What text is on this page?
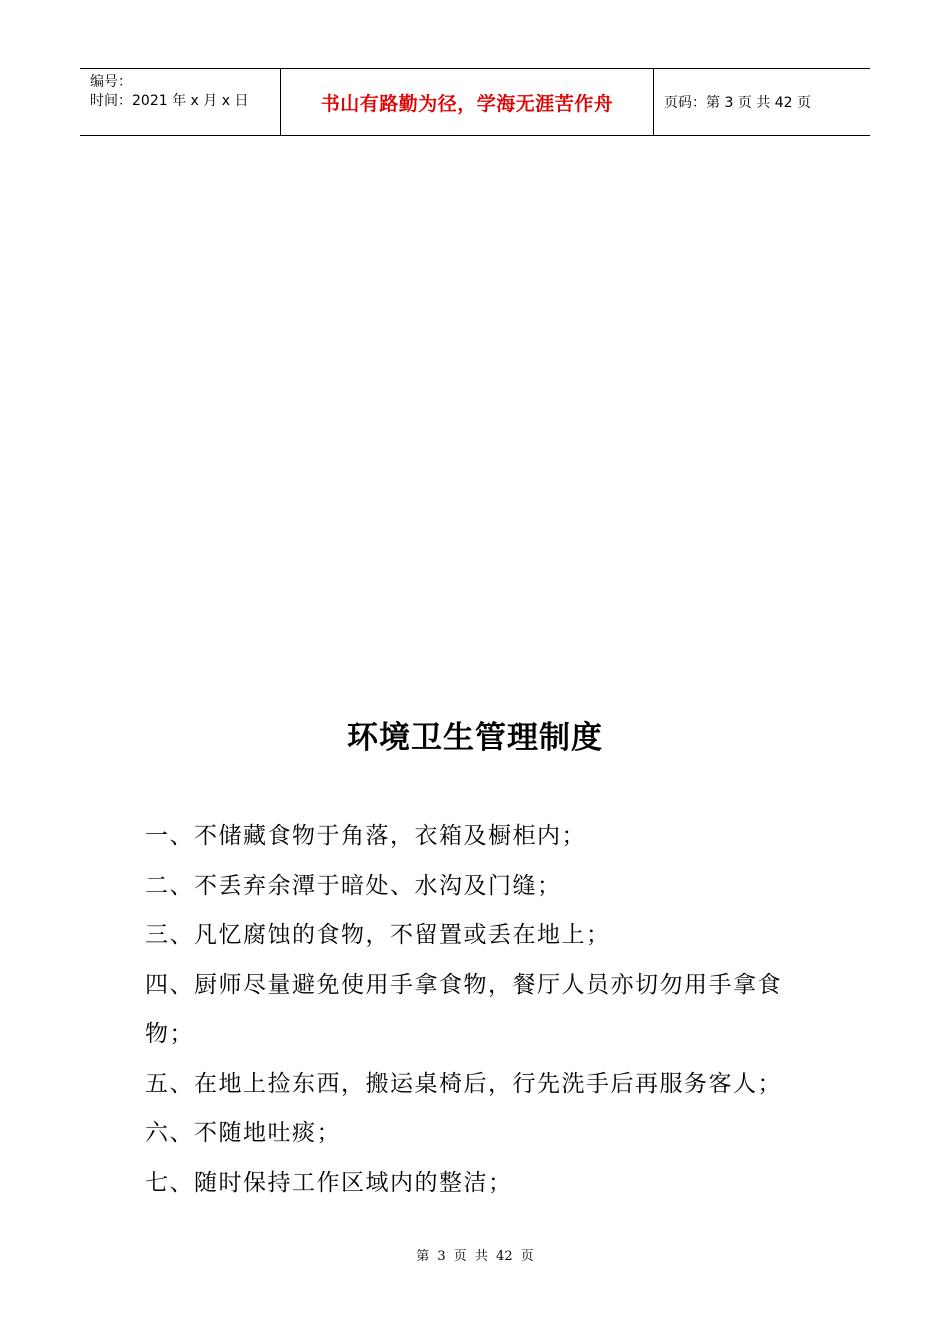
编号：
时间：2021 年 x 月 x 日	书山有路勤为径，学海无涯苦作舟	页码：第 3 页 共 42 页
环境卫生管理制度
一、不储藏食物于角落，衣箱及橱柜内；
二、不丢弃余潭于暗处、水沟及门缝；
三、凡忆腐蚀的食物，不留置或丢在地上；
四、厨师尽量避免使用手拿食物，餐厅人员亦切勿用手拿食物；
五、在地上捡东西，搬运桌椅后，行先洗手后再服务客人；
六、不随地吐痰；
七、随时保持工作区域内的整洁；
第 3 页 共 42 页
